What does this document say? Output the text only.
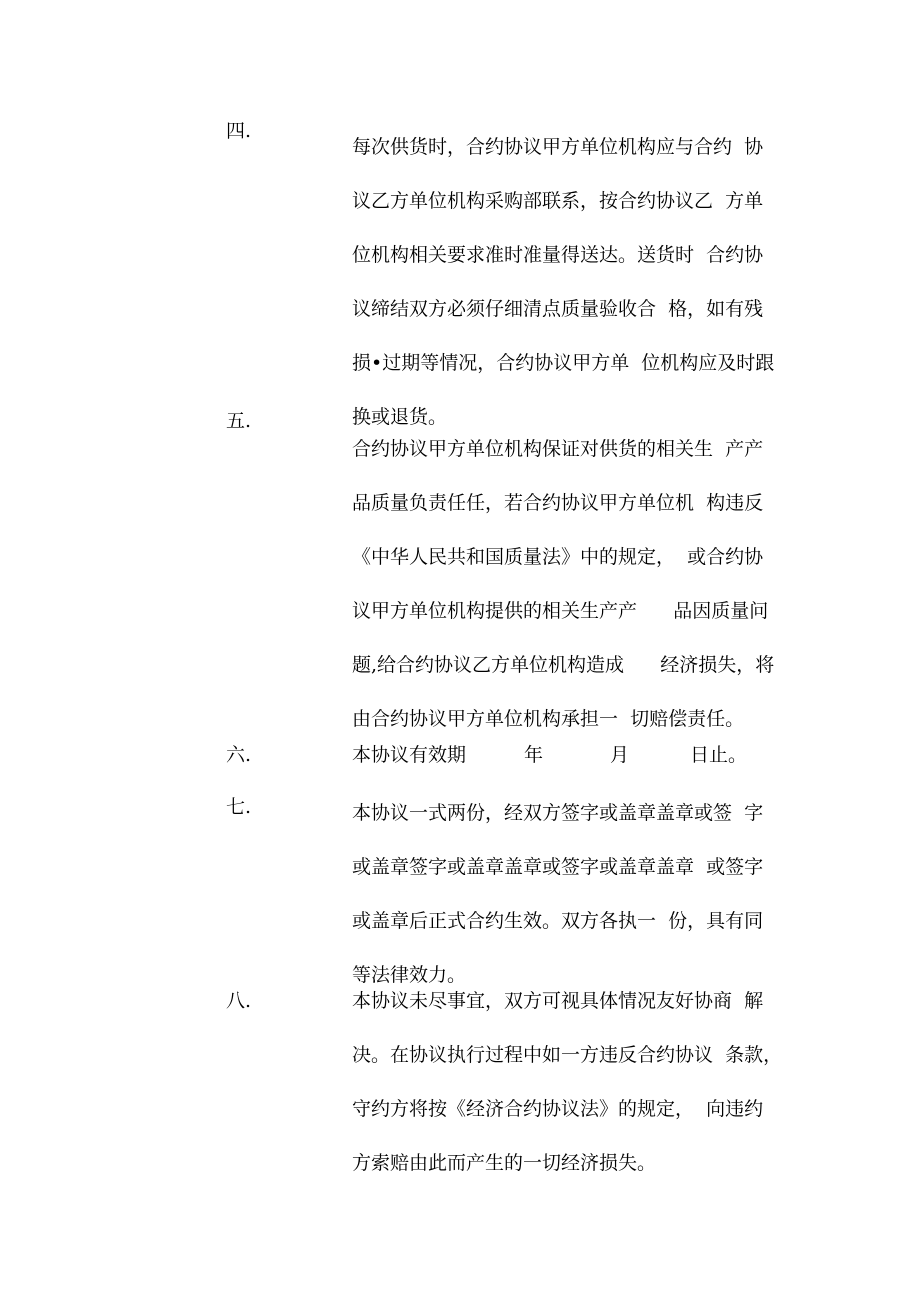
四.
每次供货时，合约协议甲方单位机构应与合约  协
议乙方单位机构采购部联系，按合约协议乙  方单
位机构相关要求准时准量得送达。送货时  合约协
议缔结双方必须仔细清点质量验收合  格，如有残
损•过期等情况，合约协议甲方单  位机构应及时跟
换或退货。
五.
合约协议甲方单位机构保证对供货的相关生  产产
品质量负责任任，若合约协议甲方单位机  构违反
《中华人民共和国质量法》中的规定，  或合约协
议甲方单位机构提供的相关生产产      品因质量问
题,给合约协议乙方单位机构造成      经济损失，将
由合约协议甲方单位机构承担一  切赔偿责任。
六.	本协议有效期	年	月	日止。
七.	本协议一式两份，经双方签字或盖章盖章或签  字
或盖章签字或盖章盖章或签字或盖章盖章  或签字
或盖章后正式合约生效。双方各执一  份，具有同
等法律效力。
八.	本协议未尽事宜，双方可视具体情况友好协商  解
决。在协议执行过程中如一方违反合约协议  条款，
守约方将按《经济合约协议法》的规定，  向违约
方索赔由此而产生的一切经济损失。
